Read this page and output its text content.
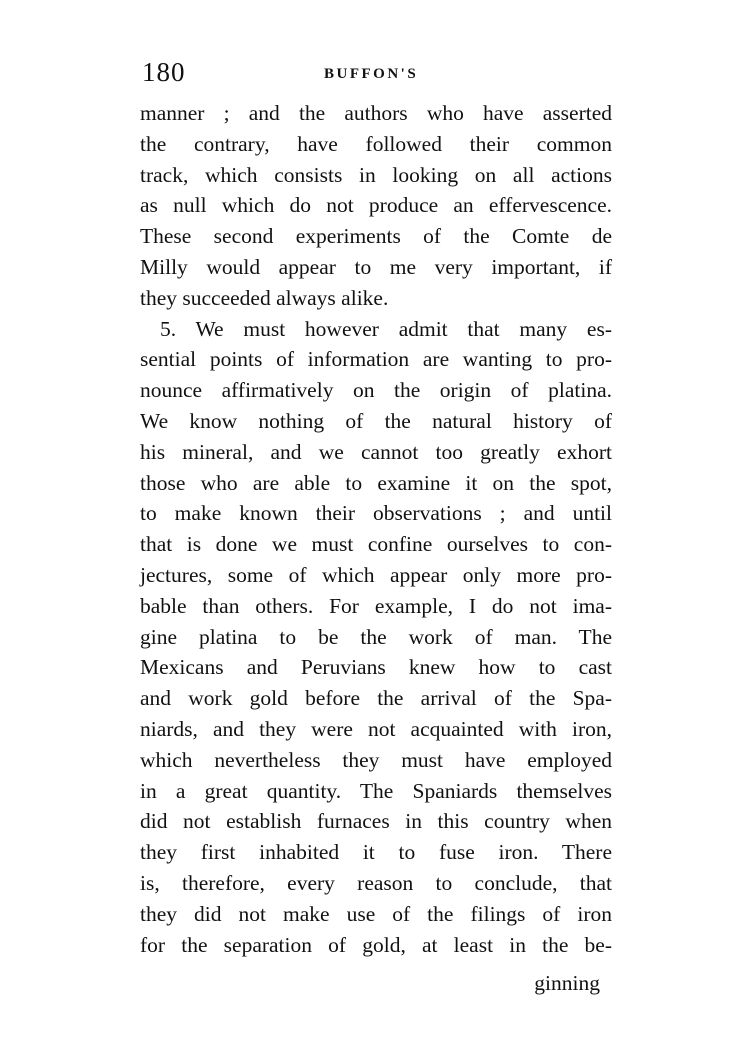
180	BUFFON'S
manner ; and the authors who have asserted
the contrary, have followed their common
track, which consists in looking on all actions
as null which do not produce an effervescence.
These second experiments of the Comte de
Milly would appear to me very important, if
they succeeded always alike.
5. We must however admit that many es-
sential points of information are wanting to pro-
nounce affirmatively on the origin of platina.
We know nothing of the natural history of
his mineral, and we cannot too greatly exhort
those who are able to examine it on the spot,
to make known their observations ; and until
that is done we must confine ourselves to con-
jectures, some of which appear only more pro-
bable than others. For example, I do not ima-
gine platina to be the work of man. The
Mexicans and Peruvians knew how to cast
and work gold before the arrival of the Spa-
niards, and they were not acquainted with iron,
which nevertheless they must have employed
in a great quantity. The Spaniards themselves
did not establish furnaces in this country when
they first inhabited it to fuse iron. There
is, therefore, every reason to conclude, that
they did not make use of the filings of iron
for the separation of gold, at least in the be-
ginning
